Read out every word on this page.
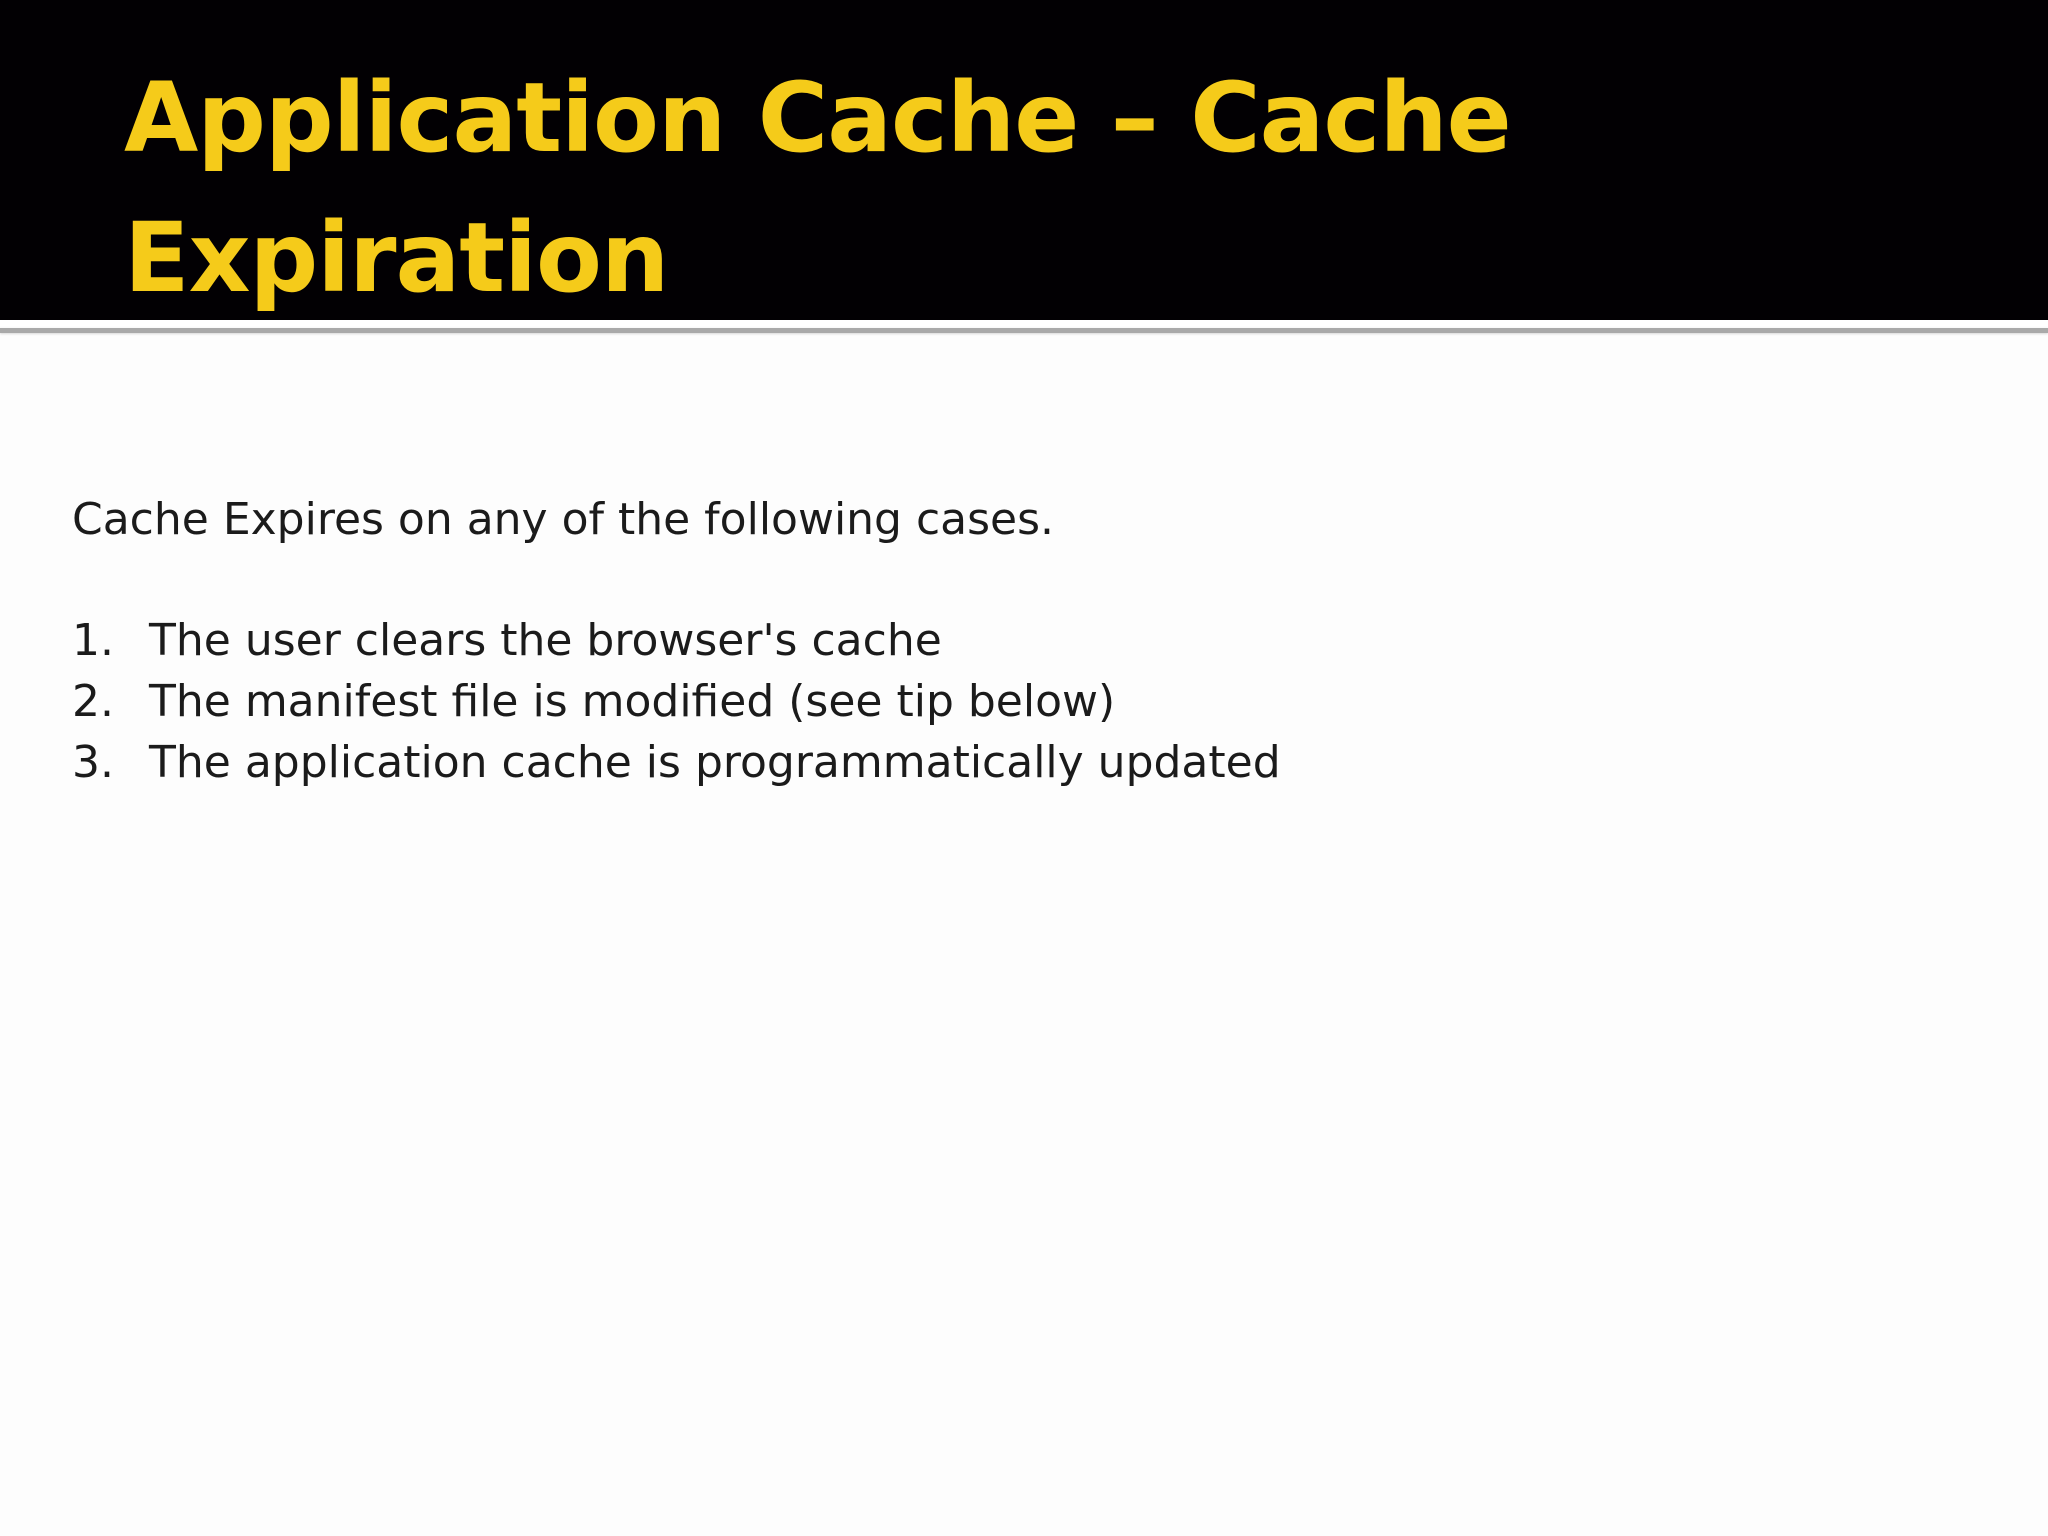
Application Cache – Cache Expiration

Cache Expires on any of the following cases.

1. The user clears the browser's cache
2. The manifest file is modified (see tip below)
3. The application cache is programmatically updated
